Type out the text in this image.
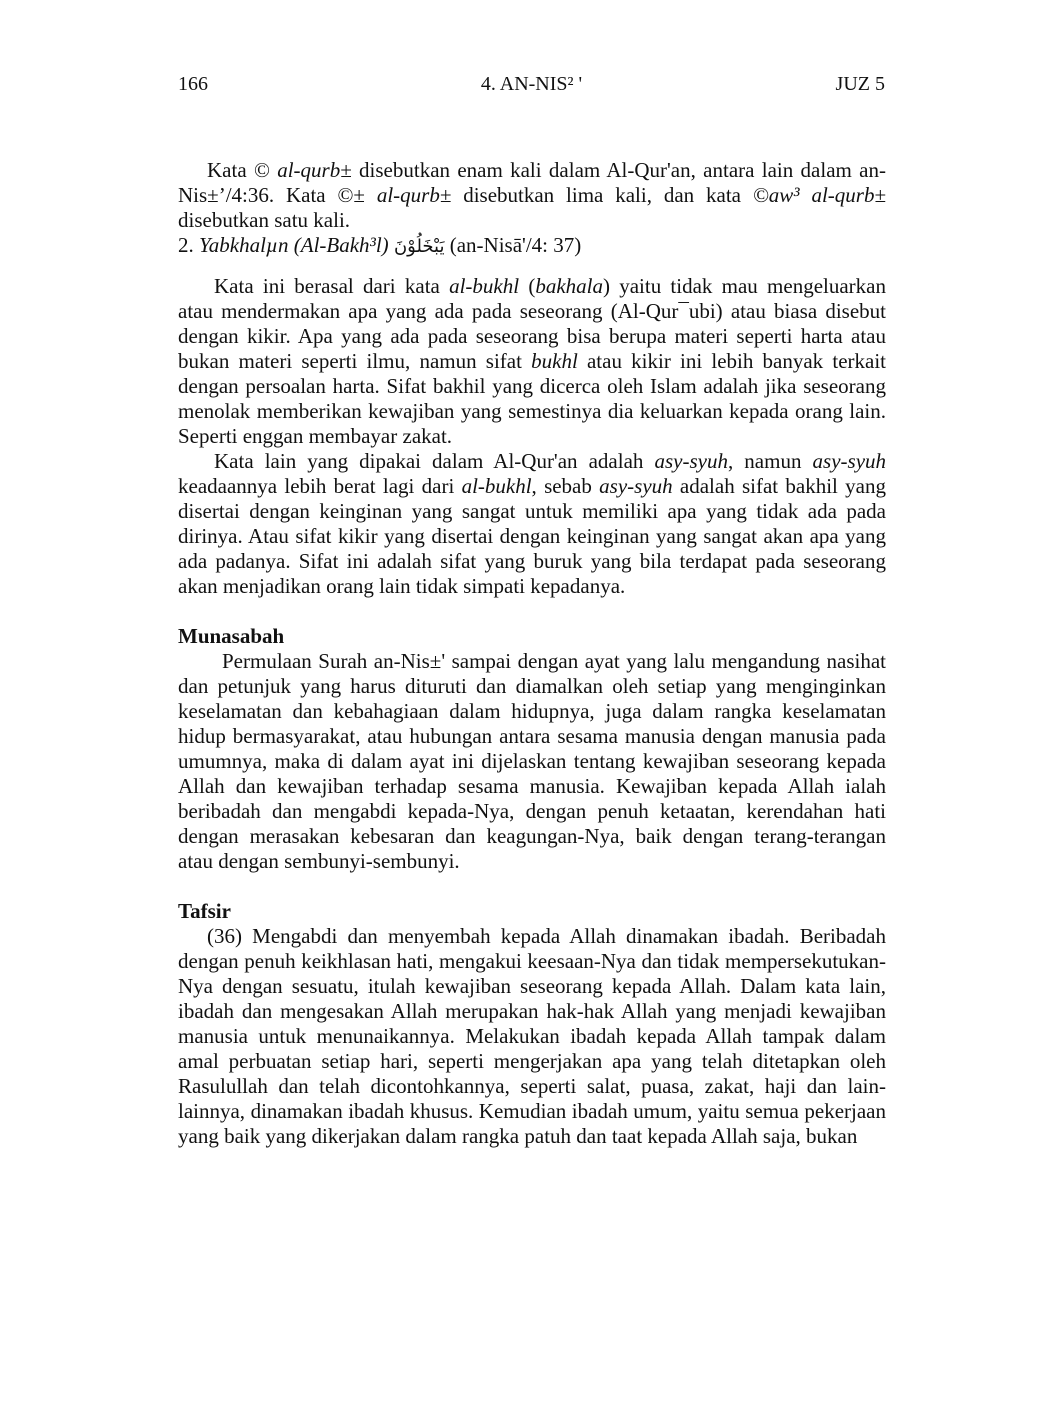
166	4. AN-NIS² '	JUZ 5

Kata © al-qurb± disebutkan enam kali dalam Al-Qur'an, antara lain dalam an-Nis±’/4:36. Kata ©± al-qurb± disebutkan lima kali, dan kata ©aw³ al-qurb± disebutkan satu kali.

2. Yabkhalµn (Al-Bakh³l) يَبْخَلُوْنَ (an-Nisā'/4: 37)

Kata ini berasal dari kata al-bukhl (bakhala) yaitu tidak mau mengeluarkan atau mendermakan apa yang ada pada seseorang (Al-Qur¯ubi) atau biasa disebut dengan kikir. Apa yang ada pada seseorang bisa berupa materi seperti harta atau bukan materi seperti ilmu, namun sifat bukhl atau kikir ini lebih banyak terkait dengan persoalan harta. Sifat bakhil yang dicerca oleh Islam adalah jika seseorang menolak memberikan kewajiban yang semestinya dia keluarkan kepada orang lain. Seperti enggan membayar zakat.

Kata lain yang dipakai dalam Al-Qur'an adalah asy-syuh, namun asy-syuh keadaannya lebih berat lagi dari al-bukhl, sebab asy-syuh adalah sifat bakhil yang disertai dengan keinginan yang sangat untuk memiliki apa yang tidak ada pada dirinya. Atau sifat kikir yang disertai dengan keinginan yang sangat akan apa yang ada padanya. Sifat ini adalah sifat yang buruk yang bila terdapat pada seseorang akan menjadikan orang lain tidak simpati kepadanya.

Munasabah

Permulaan Surah an-Nis±' sampai dengan ayat yang lalu mengandung nasihat dan petunjuk yang harus dituruti dan diamalkan oleh setiap yang menginginkan keselamatan dan kebahagiaan dalam hidupnya, juga dalam rangka keselamatan hidup bermasyarakat, atau hubungan antara sesama manusia dengan manusia pada umumnya, maka di dalam ayat ini dijelaskan tentang kewajiban seseorang kepada Allah dan kewajiban terhadap sesama manusia. Kewajiban kepada Allah ialah beribadah dan mengabdi kepada-Nya, dengan penuh ketaatan, kerendahan hati dengan merasakan kebesaran dan keagungan-Nya, baik dengan terang-terangan atau dengan sembunyi-sembunyi.

Tafsir

(36) Mengabdi dan menyembah kepada Allah dinamakan ibadah. Beribadah dengan penuh keikhlasan hati, mengakui keesaan-Nya dan tidak mempersekutukan-Nya dengan sesuatu, itulah kewajiban seseorang kepada Allah. Dalam kata lain, ibadah dan mengesakan Allah merupakan hak-hak Allah yang menjadi kewajiban manusia untuk menunaikannya. Melakukan ibadah kepada Allah tampak dalam amal perbuatan setiap hari, seperti mengerjakan apa yang telah ditetapkan oleh Rasulullah dan telah dicontohkannya, seperti salat, puasa, zakat, haji dan lain-lainnya, dinamakan ibadah khusus. Kemudian ibadah umum, yaitu semua pekerjaan yang baik yang dikerjakan dalam rangka patuh dan taat kepada Allah saja, bukan
